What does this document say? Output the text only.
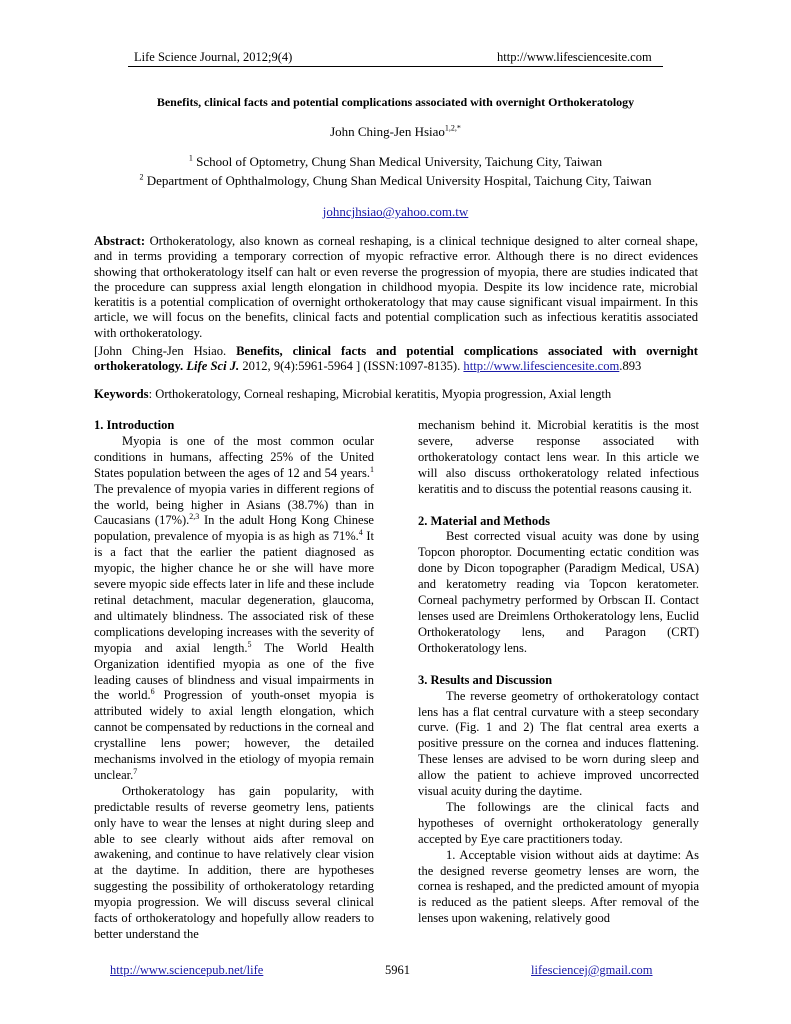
Life Science Journal, 2012;9(4)	http://www.lifesciencesite.com
Benefits, clinical facts and potential complications associated with overnight Orthokeratology
John Ching-Jen Hsiao$^{1,2,*}$
$^1$ School of Optometry, Chung Shan Medical University, Taichung City, Taiwan
$^2$ Department of Ophthalmology, Chung Shan Medical University Hospital, Taichung City, Taiwan
johncjhsiao@yahoo.com.tw
Abstract: Orthokeratology, also known as corneal reshaping, is a clinical technique designed to alter corneal shape, and in terms providing a temporary correction of myopic refractive error. Although there is no direct evidences showing that orthokeratology itself can halt or even reverse the progression of myopia, there are studies indicated that the procedure can suppress axial length elongation in childhood myopia. Despite its low incidence rate, microbial keratitis is a potential complication of overnight orthokeratology that may cause significant visual impairment. In this article, we will focus on the benefits, clinical facts and potential complication such as infectious keratitis associated with orthokeratology.
[John Ching-Jen Hsiao. Benefits, clinical facts and potential complications associated with overnight orthokeratology. Life Sci J. 2012, 9(4):5961-5964 ] (ISSN:1097-8135). http://www.lifesciencesite.com.893
Keywords: Orthokeratology, Corneal reshaping, Microbial keratitis, Myopia progression, Axial length

1. Introduction

Myopia is one of the most common ocular conditions in humans, affecting 25% of the United States population between the ages of 12 and 54 years.$^1$ The prevalence of myopia varies in different regions of the world, being higher in Asians (38.7%) than in Caucasians (17%).$^{2,3}$ In the adult Hong Kong Chinese population, prevalence of myopia is as high as 71%.$^4$ It is a fact that the earlier the patient diagnosed as myopic, the higher chance he or she will have more severe myopic side effects later in life and these include retinal detachment, macular degeneration, glaucoma, and ultimately blindness. The associated risk of these complications developing increases with the severity of myopia and axial length.$^5$ The World Health Organization identified myopia as one of the five leading causes of blindness and visual impairments in the world.$^6$ Progression of youth-onset myopia is attributed widely to axial length elongation, which cannot be compensated by reductions in the corneal and crystalline lens power; however, the detailed mechanisms involved in the etiology of myopia remain unclear.$^7$

Orthokeratology has gain popularity, with predictable results of reverse geometry lens, patients only have to wear the lenses at night during sleep and able to see clearly without aids after removal on awakening, and continue to have relatively clear vision at the daytime. In addition, there are hypotheses suggesting the possibility of orthokeratology retarding myopia progression. We will discuss several clinical facts of orthokeratology and hopefully allow readers to better understand the

mechanism behind it. Microbial keratitis is the most severe, adverse response associated with orthokeratology contact lens wear. In this article we will also discuss orthokeratology related infectious keratitis and to discuss the potential reasons causing it.

2. Material and Methods

Best corrected visual acuity was done by using Topcon phoroptor. Documenting ectatic condition was done by Dicon topographer (Paradigm Medical, USA) and keratometry reading via Topcon keratometer. Corneal pachymetry performed by Orbscan II. Contact lenses used are Dreimlens Orthokeratology lens, Euclid Orthokeratology lens, and Paragon (CRT) Orthokeratology lens.

3. Results and Discussion

The reverse geometry of orthokeratology contact lens has a flat central curvature with a steep secondary curve. (Fig. 1 and 2) The flat central area exerts a positive pressure on the cornea and induces flattening. These lenses are advised to be worn during sleep and allow the patient to achieve improved uncorrected visual acuity during the daytime.

The followings are the clinical facts and hypotheses of overnight orthokeratology generally accepted by Eye care practitioners today.

1. Acceptable vision without aids at daytime: As the designed reverse geometry lenses are worn, the cornea is reshaped, and the predicted amount of myopia is reduced as the patient sleeps. After removal of the lenses upon wakening, relatively good

http://www.sciencepub.net/life	5961	lifesciencej@gmail.com
